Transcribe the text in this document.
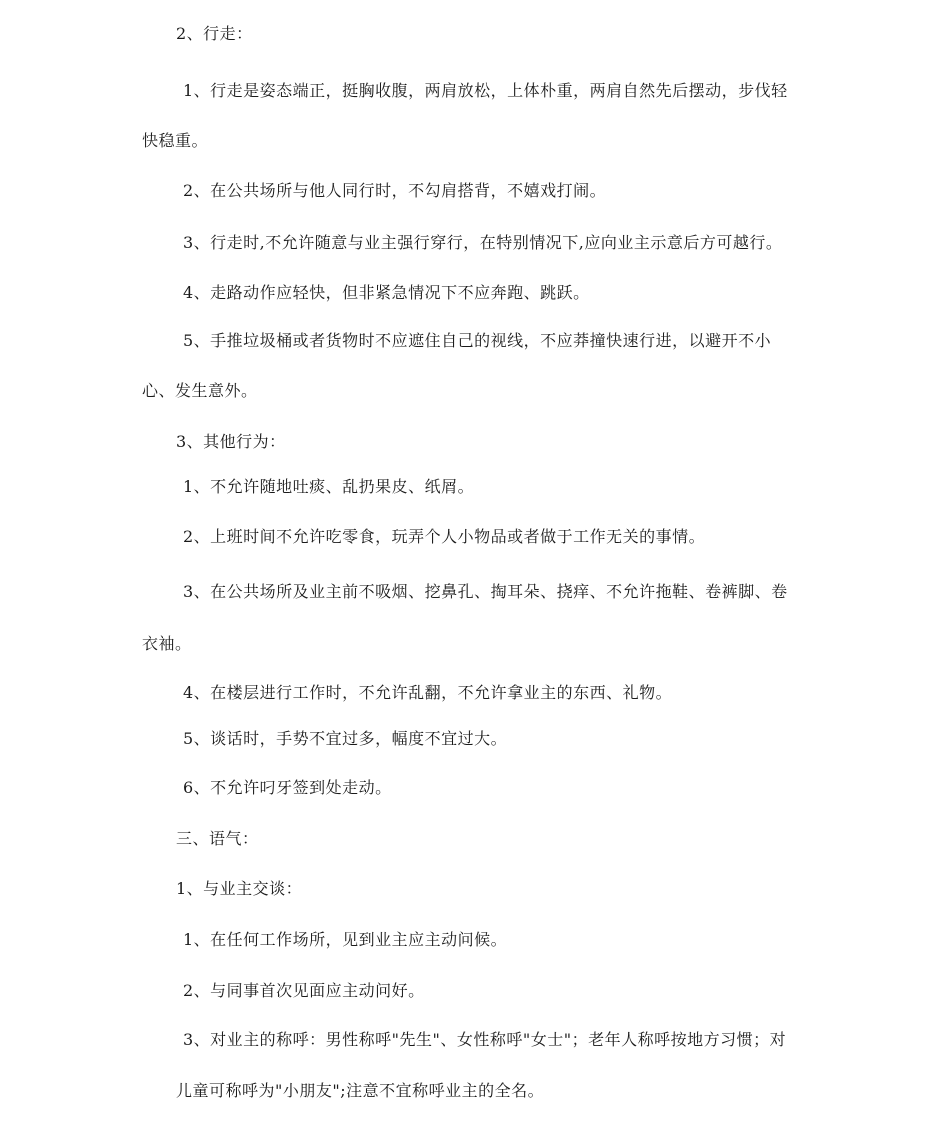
2、行走：
1、行走是姿态端正，挺胸收腹，两肩放松，上体朴重，两肩自然先后摆动，步伐轻
快稳重。
2、在公共场所与他人同行时，不勾肩搭背，不嬉戏打闹。
3、行走时,不允许随意与业主强行穿行，在特别情况下,应向业主示意后方可越行。
4、走路动作应轻快，但非紧急情况下不应奔跑、跳跃。
5、手推垃圾桶或者货物时不应遮住自己的视线，不应莽撞快速行进，以避开不小
心、发生意外。
3、其他行为：
1、不允许随地吐痰、乱扔果皮、纸屑。
2、上班时间不允许吃零食，玩弄个人小物品或者做于工作无关的事情。
3、在公共场所及业主前不吸烟、挖鼻孔、掏耳朵、挠痒、不允许拖鞋、卷裤脚、卷
衣袖。
4、在楼层进行工作时，不允许乱翻，不允许拿业主的东西、礼物。
5、谈话时，手势不宜过多，幅度不宜过大。
6、不允许叼牙签到处走动。
三、语气：
1、与业主交谈：
1、在任何工作场所，见到业主应主动问候。
2、与同事首次见面应主动问好。
3、对业主的称呼：男性称呼"先生"、女性称呼"女士"；老年人称呼按地方习惯；对
儿童可称呼为"小朋友";注意不宜称呼业主的全名。
